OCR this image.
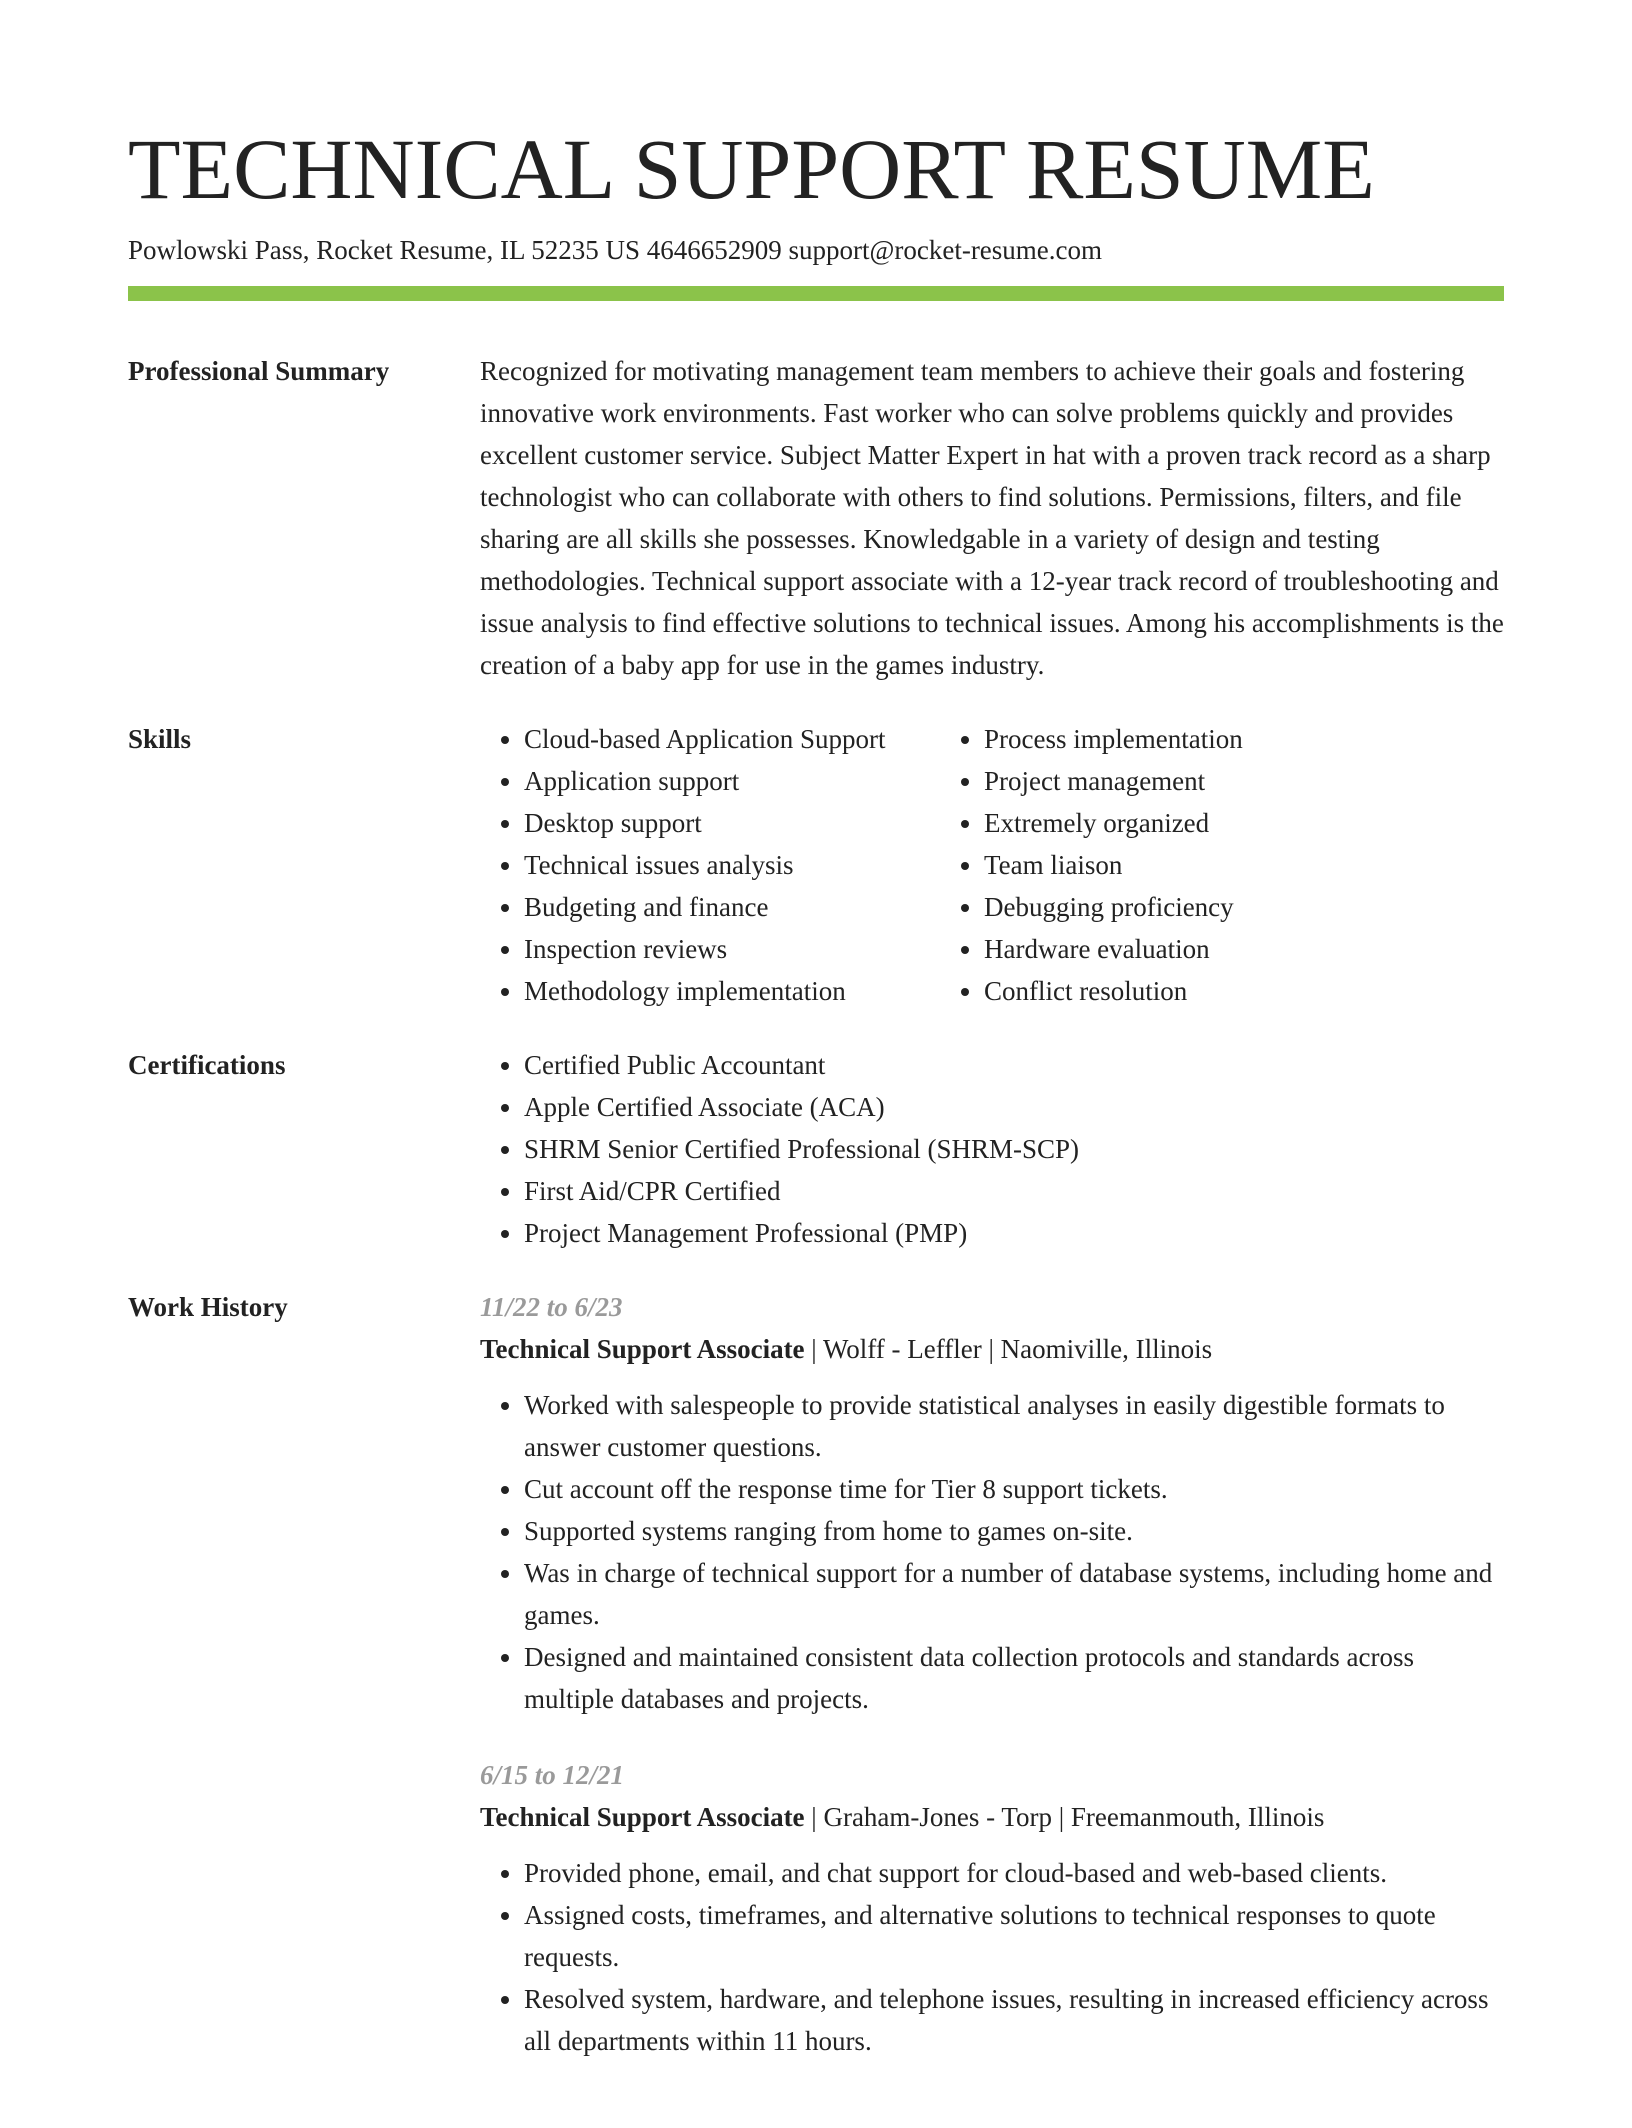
TECHNICAL SUPPORT RESUME

Powlowski Pass, Rocket Resume, IL 52235 US 4646652909 support@rocket-resume.com

Professional Summary	Recognized for motivating management team members to achieve their goals and fostering innovative work environments. Fast worker who can solve problems quickly and provides excellent customer service. Subject Matter Expert in hat with a proven track record as a sharp technologist who can collaborate with others to find solutions. Permissions, filters, and file sharing are all skills she possesses. Knowledgable in a variety of design and testing methodologies. Technical support associate with a 12-year track record of troubleshooting and issue analysis to find effective solutions to technical issues. Among his accomplishments is the creation of a baby app for use in the games industry.

Skills	• Cloud-based Application Support
• Application support
• Desktop support
• Technical issues analysis
• Budgeting and finance
• Inspection reviews
• Methodology implementation
• Process implementation
• Project management
• Extremely organized
• Team liaison
• Debugging proficiency
• Hardware evaluation
• Conflict resolution
Certifications	• Certified Public Accountant
• Apple Certified Associate (ACA)
• SHRM Senior Certified Professional (SHRM-SCP)
• First Aid/CPR Certified
• Project Management Professional (PMP)
Work History	11/22 to 6/23
Technical Support Associate | Wolff - Leffler | Naomiville, Illinois
• Worked with salespeople to provide statistical analyses in easily digestible formats to answer customer questions.
• Cut account off the response time for Tier 8 support tickets.
• Supported systems ranging from home to games on-site.
• Was in charge of technical support for a number of database systems, including home and games.
• Designed and maintained consistent data collection protocols and standards across multiple databases and projects.
6/15 to 12/21
Technical Support Associate | Graham-Jones - Torp | Freemanmouth, Illinois
• Provided phone, email, and chat support for cloud-based and web-based clients.
• Assigned costs, timeframes, and alternative solutions to technical responses to quote requests.
• Resolved system, hardware, and telephone issues, resulting in increased efficiency across all departments within 11 hours.
